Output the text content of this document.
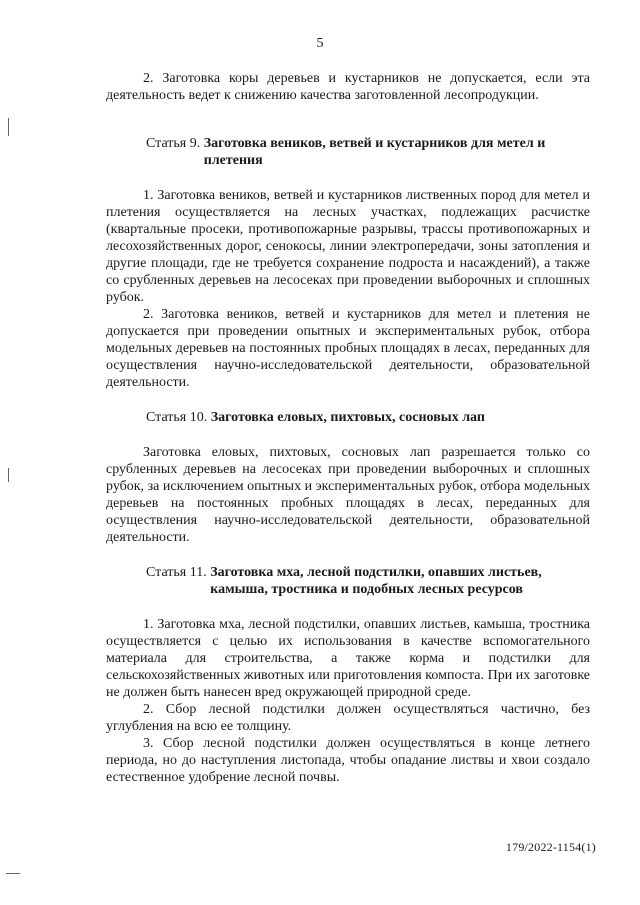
5

2. Заготовка коры деревьев и кустарников не допускается, если эта деятельность ведет к снижению качества заготовленной лесопродукции.

Статья 9. Заготовка веников, ветвей и кустарников для метел и плетения

1. Заготовка веников, ветвей и кустарников лиственных пород для метел и плетения осуществляется на лесных участках, подлежащих расчистке (квартальные просеки, противопожарные разрывы, трассы противопожарных и лесохозяйственных дорог, сенокосы, линии электропередачи, зоны затопления и другие площади, где не требуется сохранение подроста и насаждений), а также со срубленных деревьев на лесосеках при проведении выборочных и сплошных рубок.

2. Заготовка веников, ветвей и кустарников для метел и плетения не допускается при проведении опытных и экспериментальных рубок, отбора модельных деревьев на постоянных пробных площадях в лесах, переданных для осуществления научно-исследовательской деятельности, образовательной деятельности.

Статья 10. Заготовка еловых, пихтовых, сосновых лап

Заготовка еловых, пихтовых, сосновых лап разрешается только со срубленных деревьев на лесосеках при проведении выборочных и сплошных рубок, за исключением опытных и экспериментальных рубок, отбора модельных деревьев на постоянных пробных площадях в лесах, переданных для осуществления научно-исследовательской деятельности, образовательной деятельности.

Статья 11. Заготовка мха, лесной подстилки, опавших листьев, камыша, тростника и подобных лесных ресурсов

1. Заготовка мха, лесной подстилки, опавших листьев, камыша, тростника осуществляется с целью их использования в качестве вспомогательного материала для строительства, а также корма и подстилки для сельскохозяйственных животных или приготовления компоста. При их заготовке не должен быть нанесен вред окружающей природной среде.

2. Сбор лесной подстилки должен осуществляться частично, без углубления на всю ее толщину.

3. Сбор лесной подстилки должен осуществляться в конце летнего периода, но до наступления листопада, чтобы опадание листвы и хвои создало естественное удобрение лесной почвы.

179/2022-1154(1)
